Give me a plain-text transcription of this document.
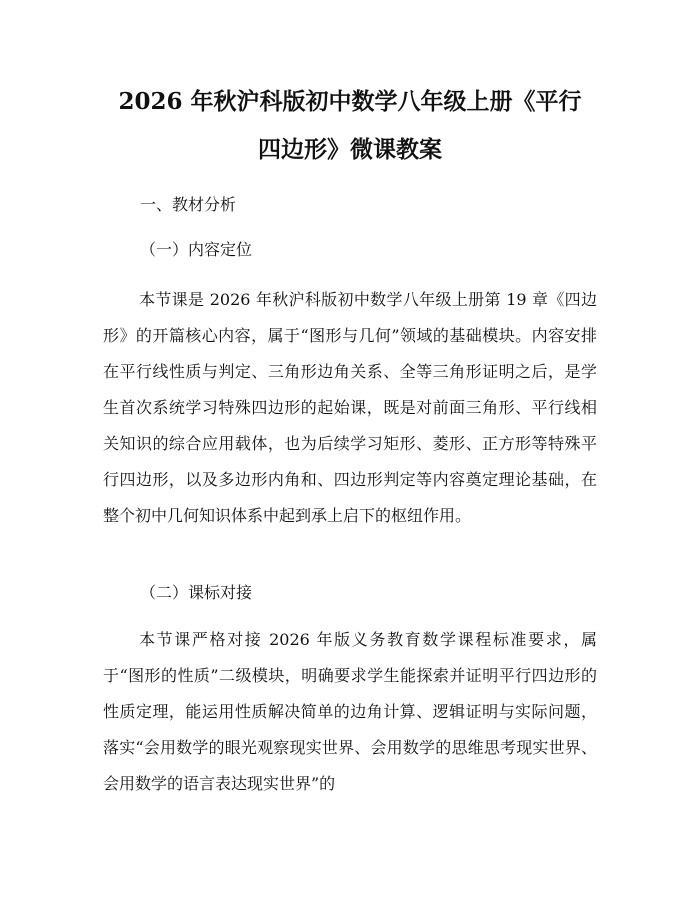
2026 年秋沪科版初中数学八年级上册《平行
四边形》微课教案

一、教材分析

（一）内容定位

本节课是 2026 年秋沪科版初中数学八年级上册第 19 章《四边形》的开篇核心内容，属于“图形与几何”领域的基础模块。内容安排在平行线性质与判定、三角形边角关系、全等三角形证明之后，是学生首次系统学习特殊四边形的起始课，既是对前面三角形、平行线相关知识的综合应用载体，也为后续学习矩形、菱形、正方形等特殊平行四边形，以及多边形内角和、四边形判定等内容奠定理论基础，在整个初中几何知识体系中起到承上启下的枢纽作用。

（二）课标对接

本节课严格对接 2026 年版义务教育数学课程标准要求，属于“图形的性质”二级模块，明确要求学生能探索并证明平行四边形的性质定理，能运用性质解决简单的边角计算、逻辑证明与实际问题，落实“会用数学的眼光观察现实世界、会用数学的思维思考现实世界、会用数学的语言表达现实世界”的
